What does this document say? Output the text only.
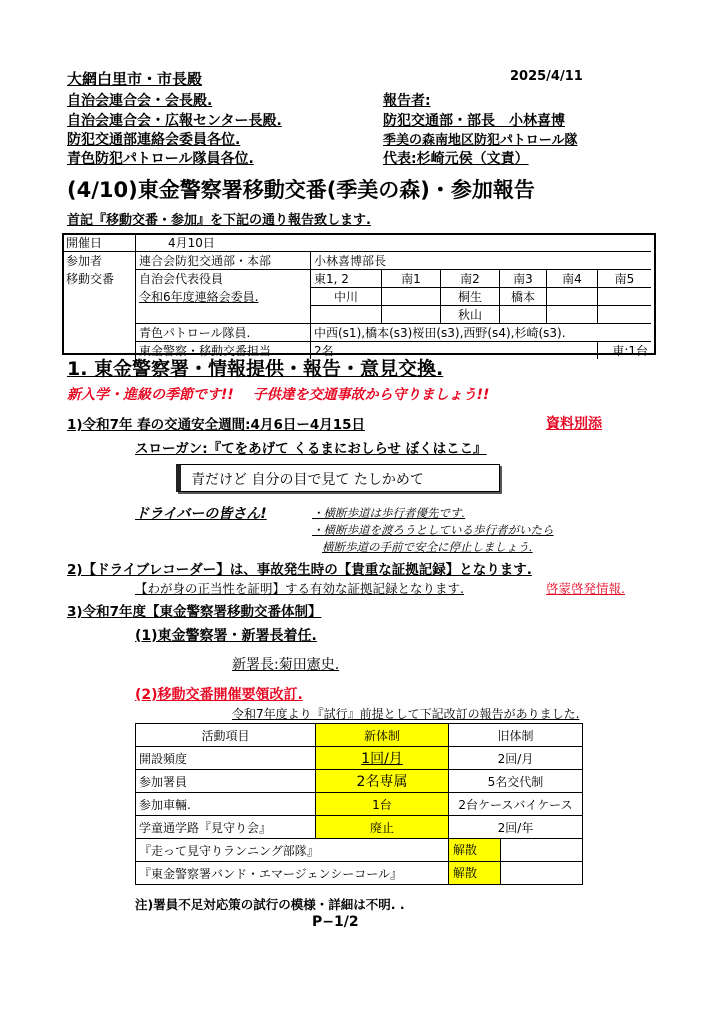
大網白里市・市長殿
自治会連合会・会長殿.
自治会連合会・広報センター長殿.
防犯交通部連絡会委員各位.
青色防犯パトロール隊員各位.
2025/4/11
報告者:
防犯交通部・部長　小林喜博
季美の森南地区防犯パトロール隊
代表:杉崎元侯（文責）
(4/10)東金警察署移動交番(季美の森)・参加報告
首記『移動交番・参加』を下記の通り報告致します.
開催日	4月10日						
参加者	連合会防犯交通部・本部	小林喜博部長					
移動交番	自治会代表役員	東1, 2	南1	南2	南3	南4	南5
	令和6年度連絡会委員.	中川		桐生	橋本		
				秋山			
	青色パトロール隊員.	中西(s1),橋本(s3)桜田(s3),西野(s4),杉崎(s3).					
	東金警察・移動交番担当	2名.					車:1台
1. 東金警察署・情報提供・報告・意見交換.
新入学・進級の季節です!! 　子供達を交通事故から守りましょう!!
1)令和7年 春の交通安全週間:4月6日ー4月15日	資料別添
スローガン:『てをあげて くるまにおしらせ ぼくはここ』
青だけど 自分の目で見て たしかめて
ドライバーの皆さん!	・横断歩道は歩行者優先です.
・横断歩道を渡ろうとしている歩行者がいたら
横断歩道の手前で安全に停止しましょう.
2)【ドライブレコーダー】は、事故発生時の【貴重な証拠記録】となります.
【わが身の正当性を証明】する有効な証拠記録となります.	啓蒙啓発情報.
3)令和7年度【東金警察署移動交番体制】
(1)東金警察署・新署長着任.
新署長:菊田憲史.
(2)移動交番開催要領改訂.
令和7年度より『試行』前提として下記改訂の報告がありました.
活動項目	新体制	旧体制
開設頻度	1回/月	2回/月
参加署員	2名専属	5名交代制
参加車輛.	1台	2台ケースバイケース
学童通学路『見守り会』	廃止	2回/年
『走って見守りランニング部隊』		解散
『東金警察署バンド・エマージェンシーコール』		解散
注)署員不足対応策の試行の模様・詳細は不明. .
P−1/2
